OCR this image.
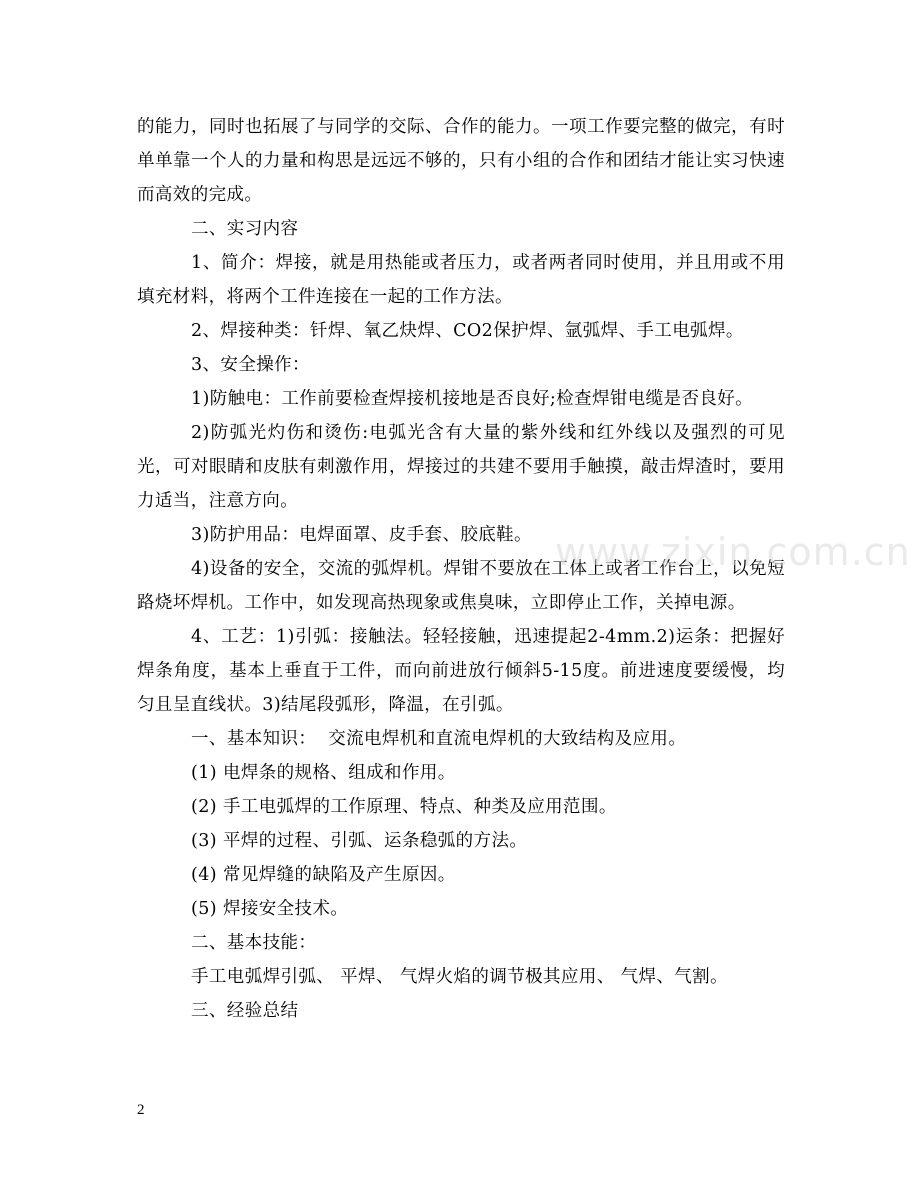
的能力，同时也拓展了与同学的交际、合作的能力。一项工作要完整的做完，有时单单靠一个人的力量和构思是远远不够的，只有小组的合作和团结才能让实习快速而高效的完成。

二、实习内容

1、简介：焊接，就是用热能或者压力，或者两者同时使用，并且用或不用填充材料，将两个工件连接在一起的工作方法。

2、焊接种类：钎焊、氧乙炔焊、CO2保护焊、氩弧焊、手工电弧焊。

3、安全操作：

1)防触电：工作前要检查焊接机接地是否良好;检查焊钳电缆是否良好。

2)防弧光灼伤和烫伤:电弧光含有大量的紫外线和红外线以及强烈的可见光，可对眼睛和皮肤有刺激作用，焊接过的共建不要用手触摸，敲击焊渣时，要用力适当，注意方向。

3)防护用品：电焊面罩、皮手套、胶底鞋。

4)设备的安全，交流的弧焊机。焊钳不要放在工体上或者工作台上，以免短路烧坏焊机。工作中，如发现高热现象或焦臭味，立即停止工作，关掉电源。

4、工艺：1)引弧：接触法。轻轻接触，迅速提起2-4mm.2)运条：把握好焊条角度，基本上垂直于工件，而向前进放行倾斜5-15度。前进速度要缓慢，均匀且呈直线状。3)结尾段弧形，降温，在引弧。

一、基本知识：  交流电焊机和直流电焊机的大致结构及应用。

(1) 电焊条的规格、组成和作用。

(2) 手工电弧焊的工作原理、特点、种类及应用范围。

(3) 平焊的过程、引弧、运条稳弧的方法。

(4) 常见焊缝的缺陷及产生原因。

(5) 焊接安全技术。

二、基本技能：

手工电弧焊引弧、 平焊、 气焊火焰的调节极其应用、 气焊、气割。

三、经验总结

www.zixin.com.cn
2
